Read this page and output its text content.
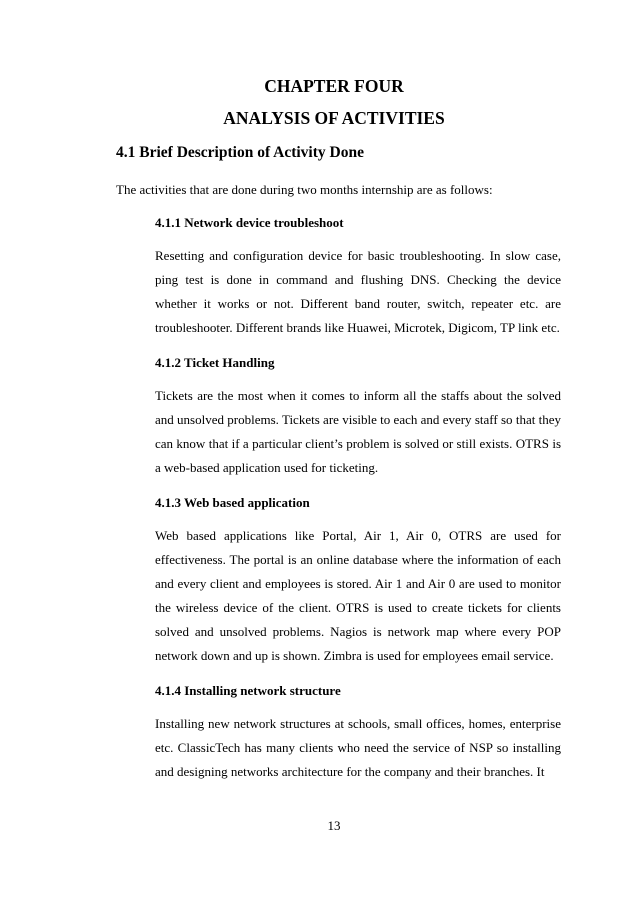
CHAPTER FOUR
ANALYSIS OF ACTIVITIES
4.1 Brief Description of Activity Done

The activities that are done during two months internship are as follows:

4.1.1 Network device troubleshoot

Resetting and configuration device for basic troubleshooting. In slow case, ping test is done in command and flushing DNS. Checking the device whether it works or not. Different band router, switch, repeater etc. are troubleshooter. Different brands like Huawei, Microtek, Digicom, TP link etc.

4.1.2 Ticket Handling

Tickets are the most when it comes to inform all the staffs about the solved and unsolved problems. Tickets are visible to each and every staff so that they can know that if a particular client’s problem is solved or still exists. OTRS is a web-based application used for ticketing.

4.1.3 Web based application

Web based applications like Portal, Air 1, Air 0, OTRS are used for effectiveness. The portal is an online database where the information of each and every client and employees is stored. Air 1 and Air 0 are used to monitor the wireless device of the client. OTRS is used to create tickets for clients solved and unsolved problems. Nagios is network map where every POP network down and up is shown. Zimbra is used for employees email service.

4.1.4 Installing network structure

Installing new network structures at schools, small offices, homes, enterprise etc. ClassicTech has many clients who need the service of NSP so installing and designing networks architecture for the company and their branches. It

13
